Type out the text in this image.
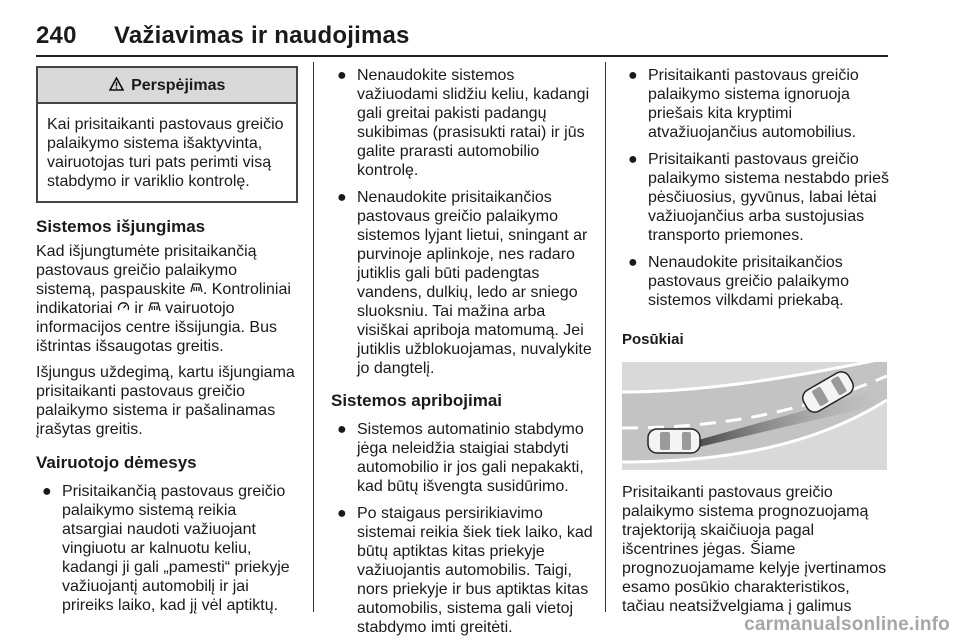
240 Važiavimas ir naudojimas
Perspėjimas
Kai prisitaikanti pastovaus greičio palaikymo sistema išaktyvinta, vairuotojas turi pats perimti visą stabdymo ir variklio kontrolę.
Sistemos išjungimas

Kad išjungtumėte prisitaikančią pastovaus greičio palaikymo sistemą, paspauskite . Kontroliniai indikatoriai ir vairuotojo informacijos centre išsijungia. Bus ištrintas išsaugotas greitis.

Išjungus uždegimą, kartu išjungiama prisitaikanti pastovaus greičio palaikymo sistema ir pašalinamas įrašytas greitis.

Vairuotojo dėmesys
● Prisitaikančią pastovaus greičio palaikymo sistemą reikia atsargiai naudoti važiuojant vingiuotu ar kalnuotu keliu, kadangi ji gali „pamesti“ priekyje važiuojantį automobilį ir jai prireiks laiko, kad jį vėl aptiktų.
● Nenaudokite sistemos važiuodami slidžiu keliu, kadangi gali greitai pakisti padangų sukibimas (prasisukti ratai) ir jūs galite prarasti automobilio kontrolę.
● Nenaudokite prisitaikančios pastovaus greičio palaikymo sistemos lyjant lietui, sningant ar purvinoje aplinkoje, nes radaro jutiklis gali būti padengtas vandens, dulkių, ledo ar sniego sluoksniu. Tai mažina arba visiškai apriboja matomumą. Jei jutiklis užblokuojamas, nuvalykite jo dangtelį.
Sistemos apribojimai
● Sistemos automatinio stabdymo jėga neleidžia staigiai stabdyti automobilio ir jos gali nepakakti, kad būtų išvengta susidūrimo.
● Po staigaus persirikiavimo sistemai reikia šiek tiek laiko, kad būtų aptiktas kitas priekyje važiuojantis automobilis. Taigi, nors priekyje ir bus aptiktas kitas automobilis, sistema gali vietoj stabdymo imti greitėti.
● Prisitaikanti pastovaus greičio palaikymo sistema ignoruoja priešais kita kryptimi atvažiuojančius automobilius.
● Prisitaikanti pastovaus greičio palaikymo sistema nestabdo prieš pėsčiuosius, gyvūnus, labai lėtai važiuojančius arba sustojusias transporto priemones.
● Nenaudokite prisitaikančios pastovaus greičio palaikymo sistemos vilkdami priekabą.
Posūkiai

Prisitaikanti pastovaus greičio palaikymo sistema prognozuojamą trajektoriją skaičiuoja pagal išcentrines jėgas. Šiame prognozuojamame kelyje įvertinamos esamo posūkio charakteristikos, tačiau neatsižvelgiama į galimus

carmanualsonline.info
